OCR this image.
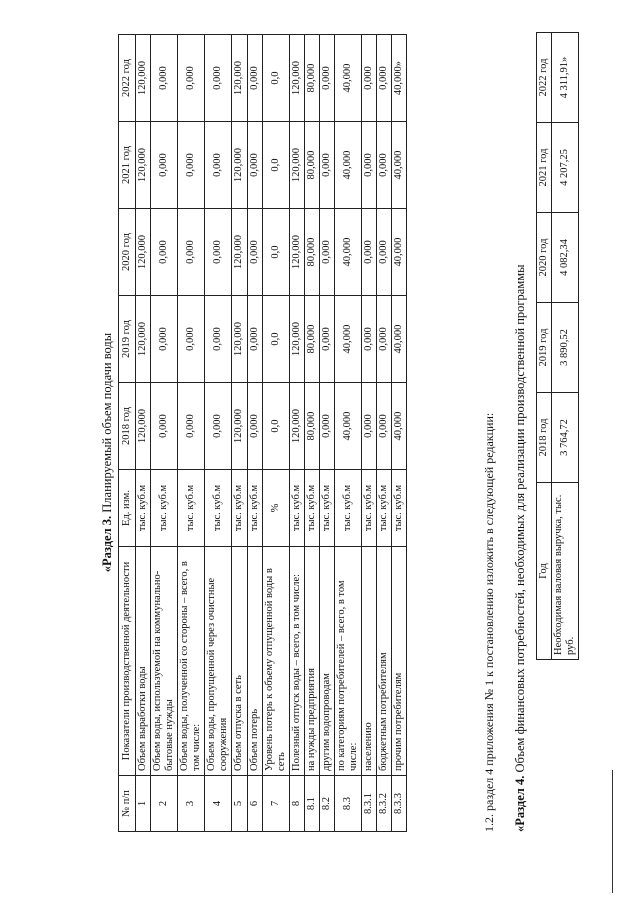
«Раздел 3. Планируемый объем подачи воды
№ п/п	Показатели производственной деятельности	Ед. изм.	2018 год	2019 год	2020 год	2021 год	2022 год
1	Объем выработки воды	тыс. куб.м	120,000	120,000	120,000	120,000	120,000
2	Объем воды, используемой на коммунально-бытовые нужды	тыс. куб.м	0,000	0,000	0,000	0,000	0,000
3	Объем воды, полученной со стороны – всего, в том числе:	тыс. куб.м	0,000	0,000	0,000	0,000	0,000
4	Объем воды, пропущенной через очистные сооружения	тыс. куб.м	0,000	0,000	0,000	0,000	0,000
5	Объем отпуска в сеть	тыс. куб.м	120,000	120,000	120,000	120,000	120,000
6	Объем потерь	тыс. куб.м	0,000	0,000	0,000	0,000	0,000
7	Уровень потерь к объему отпущенной воды в сеть	%	0,0	0,0	0,0	0,0	0,0
8	Полезный отпуск воды – всего, в том числе:	тыс. куб.м	120,000	120,000	120,000	120,000	120,000
8.1	на нужды предприятия	тыс. куб.м	80,000	80,000	80,000	80,000	80,000
8.2	другим водопроводам	тыс. куб.м	0,000	0,000	0,000	0,000	0,000
8.3	по категориям потребителей – всего, в том числе:	тыс. куб.м	40,000	40,000	40,000	40,000	40,000
8.3.1	населению	тыс. куб.м	0,000	0,000	0,000	0,000	0,000
8.3.2	бюджетным потребителям	тыс. куб.м	0,000	0,000	0,000	0,000	0,000
8.3.3	прочим потребителям	тыс. куб.м	40,000	40,000	40,000	40,000	40,000»

1.2. раздел 4 приложения № 1 к постановлению изложить в следующей редакции: «Раздел 4. Объем финансовых потребностей, необходимых для реализации производственной программы Год	2018 год	2019 год	2020 год	2021 год	2022 год
Необходимая валовая выручка, тыс. руб.	3 764,72	3 890,52	4 082,34	4 207,25	4 311,91»
